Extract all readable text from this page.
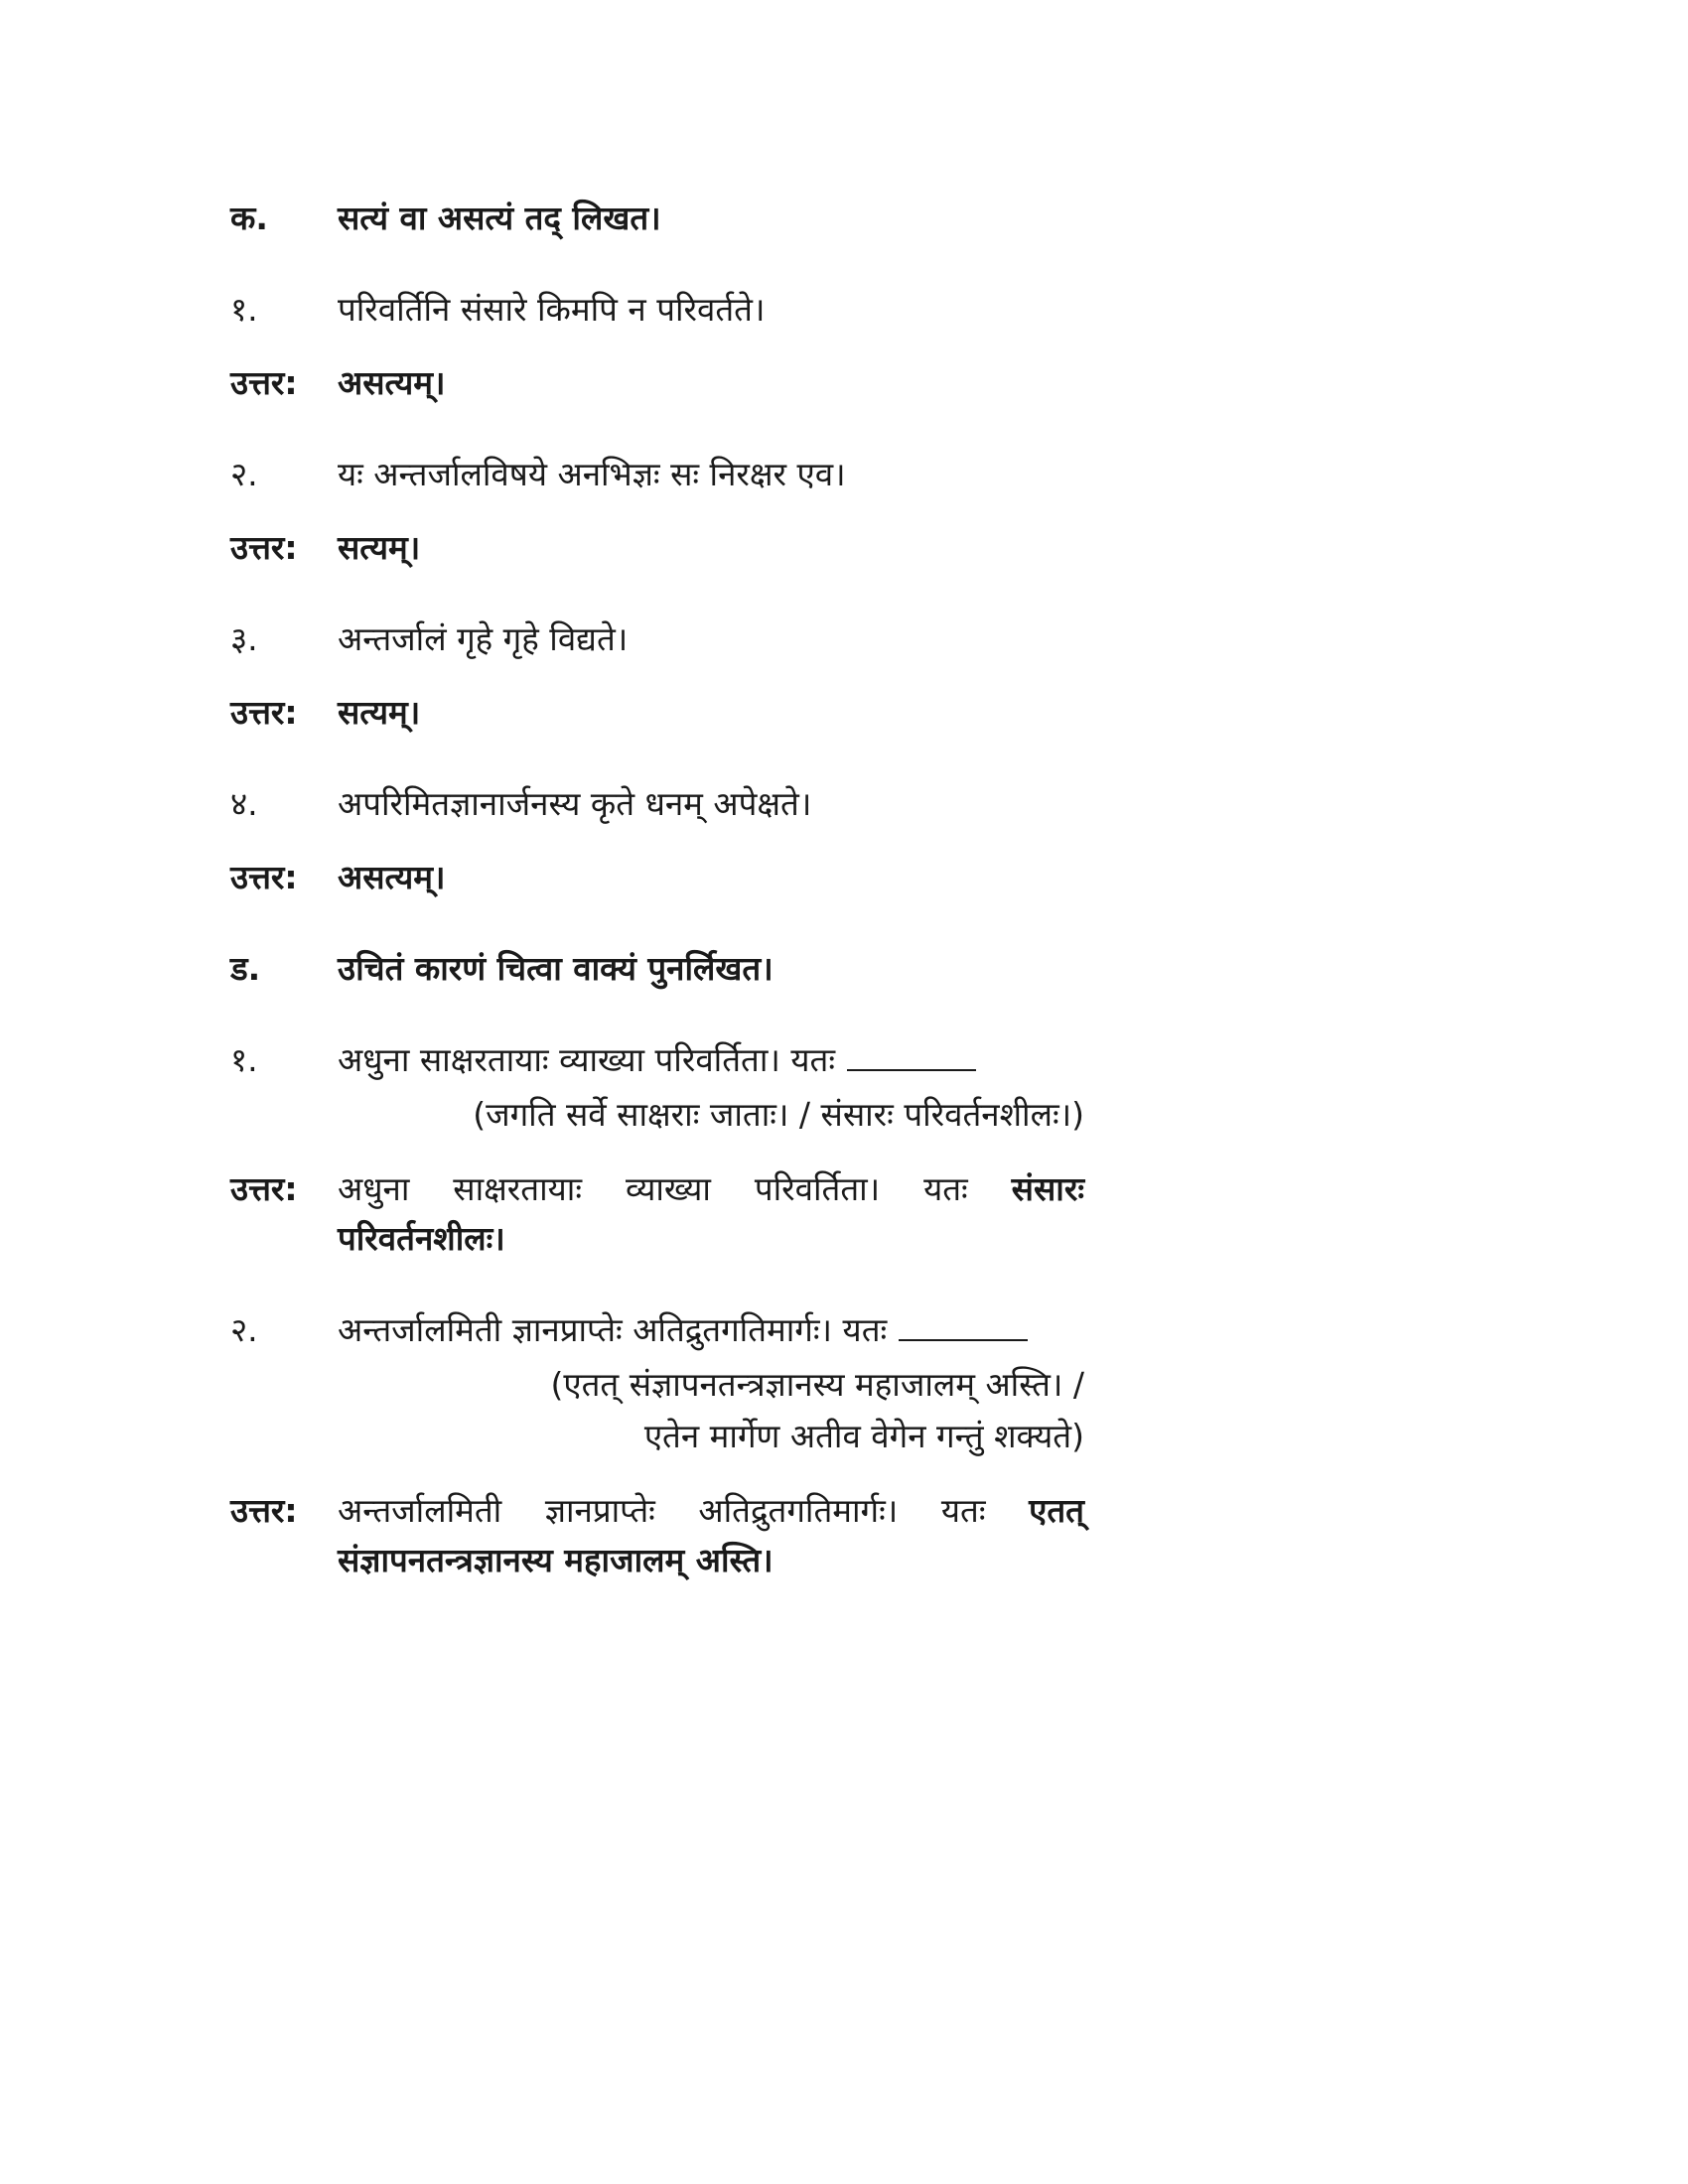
क.	सत्यं वा असत्यं तद् लिखत।
१.	परिवर्तिनि संसारे किमपि न परिवर्तते।
उत्तर:	असत्यम्।
२.	यः अन्तर्जालविषये अनभिज्ञः सः निरक्षर एव।
उत्तर:	सत्यम्।
३.	अन्तर्जालं गृहे गृहे विद्यते।
उत्तर:	सत्यम्।
४.	अपरिमितज्ञानार्जनस्य कृते धनम् अपेक्षते।
उत्तर:	असत्यम्।
ड.	उचितं कारणं चित्वा वाक्यं पुनर्लिखत।
१.	अधुना साक्षरतायाः व्याख्या परिवर्तिता। यतः
(जगति सर्वे साक्षराः जाताः। / संसारः परिवर्तनशीलः।)
उत्तर:	अधुना साक्षरतायाः व्याख्या परिवर्तिता। यतः संसारः परिवर्तनशीलः।
२.	अन्तर्जालमिती ज्ञानप्राप्तेः अतिद्रुतगतिमार्गः। यतः
(एतत् संज्ञापनतन्त्रज्ञानस्य महाजालम् अस्ति। /
एतेन मार्गेण अतीव वेगेन गन्तुं शक्यते)
उत्तर:	अन्तर्जालमिती ज्ञानप्राप्तेः अतिद्रुतगतिमार्गः। यतः एतत् संज्ञापनतन्त्रज्ञानस्य महाजालम् अस्ति।
